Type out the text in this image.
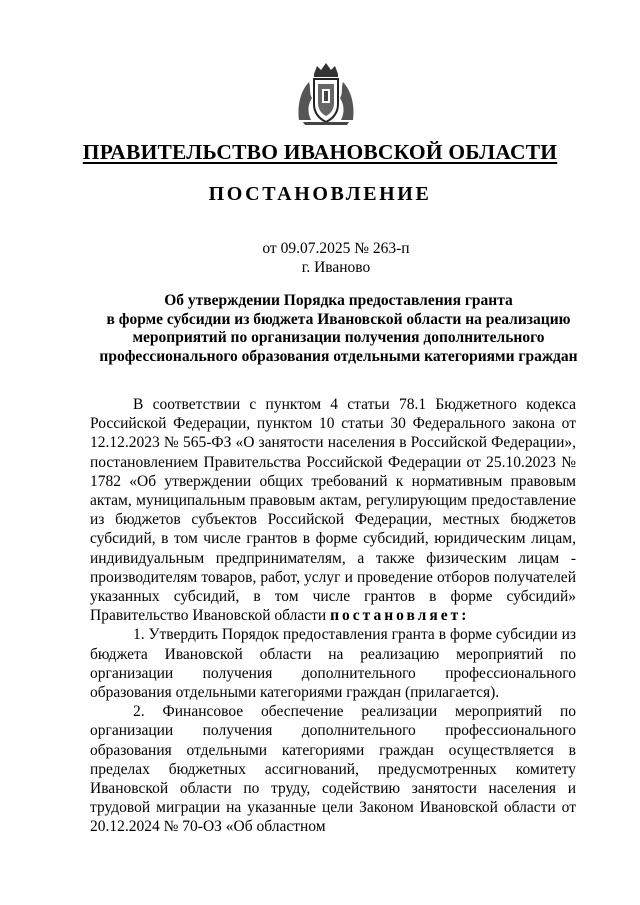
ПРАВИТЕЛЬСТВО ИВАНОВСКОЙ ОБЛАСТИ
ПОСТАНОВЛЕНИЕ
от 09.07.2025 № 263-п
г. Иваново
Об утверждении Порядка предоставления гранта
в форме субсидии из бюджета Ивановской области на реализацию
мероприятий по организации получения дополнительного
профессионального образования отдельными категориями граждан

В соответствии с пунктом 4 статьи 78.1 Бюджетного кодекса Российской Федерации, пунктом 10 статьи 30 Федерального закона от 12.12.2023 № 565-ФЗ «О занятости населения в Российской Федерации», постановлением Правительства Российской Федерации от 25.10.2023 № 1782 «Об утверждении общих требований к нормативным правовым актам, муниципальным правовым актам, регулирующим предоставление из бюджетов субъектов Российской Федерации, местных бюджетов субсидий, в том числе грантов в форме субсидий, юридическим лицам, индивидуальным предпринимателям, а также физическим лицам - производителям товаров, работ, услуг и проведение отборов получателей указанных субсидий, в том числе грантов в форме субсидий» Правительство Ивановской области постановляет:

1. Утвердить Порядок предоставления гранта в форме субсидии из бюджета Ивановской области на реализацию мероприятий по организации получения дополнительного профессионального образования отдельными категориями граждан (прилагается).

2. Финансовое обеспечение реализации мероприятий по организации получения дополнительного профессионального образования отдельными категориями граждан осуществляется в пределах бюджетных ассигнований, предусмотренных комитету Ивановской области по труду, содействию занятости населения и трудовой миграции на указанные цели Законом Ивановской области от 20.12.2024 № 70-ОЗ «Об областном
